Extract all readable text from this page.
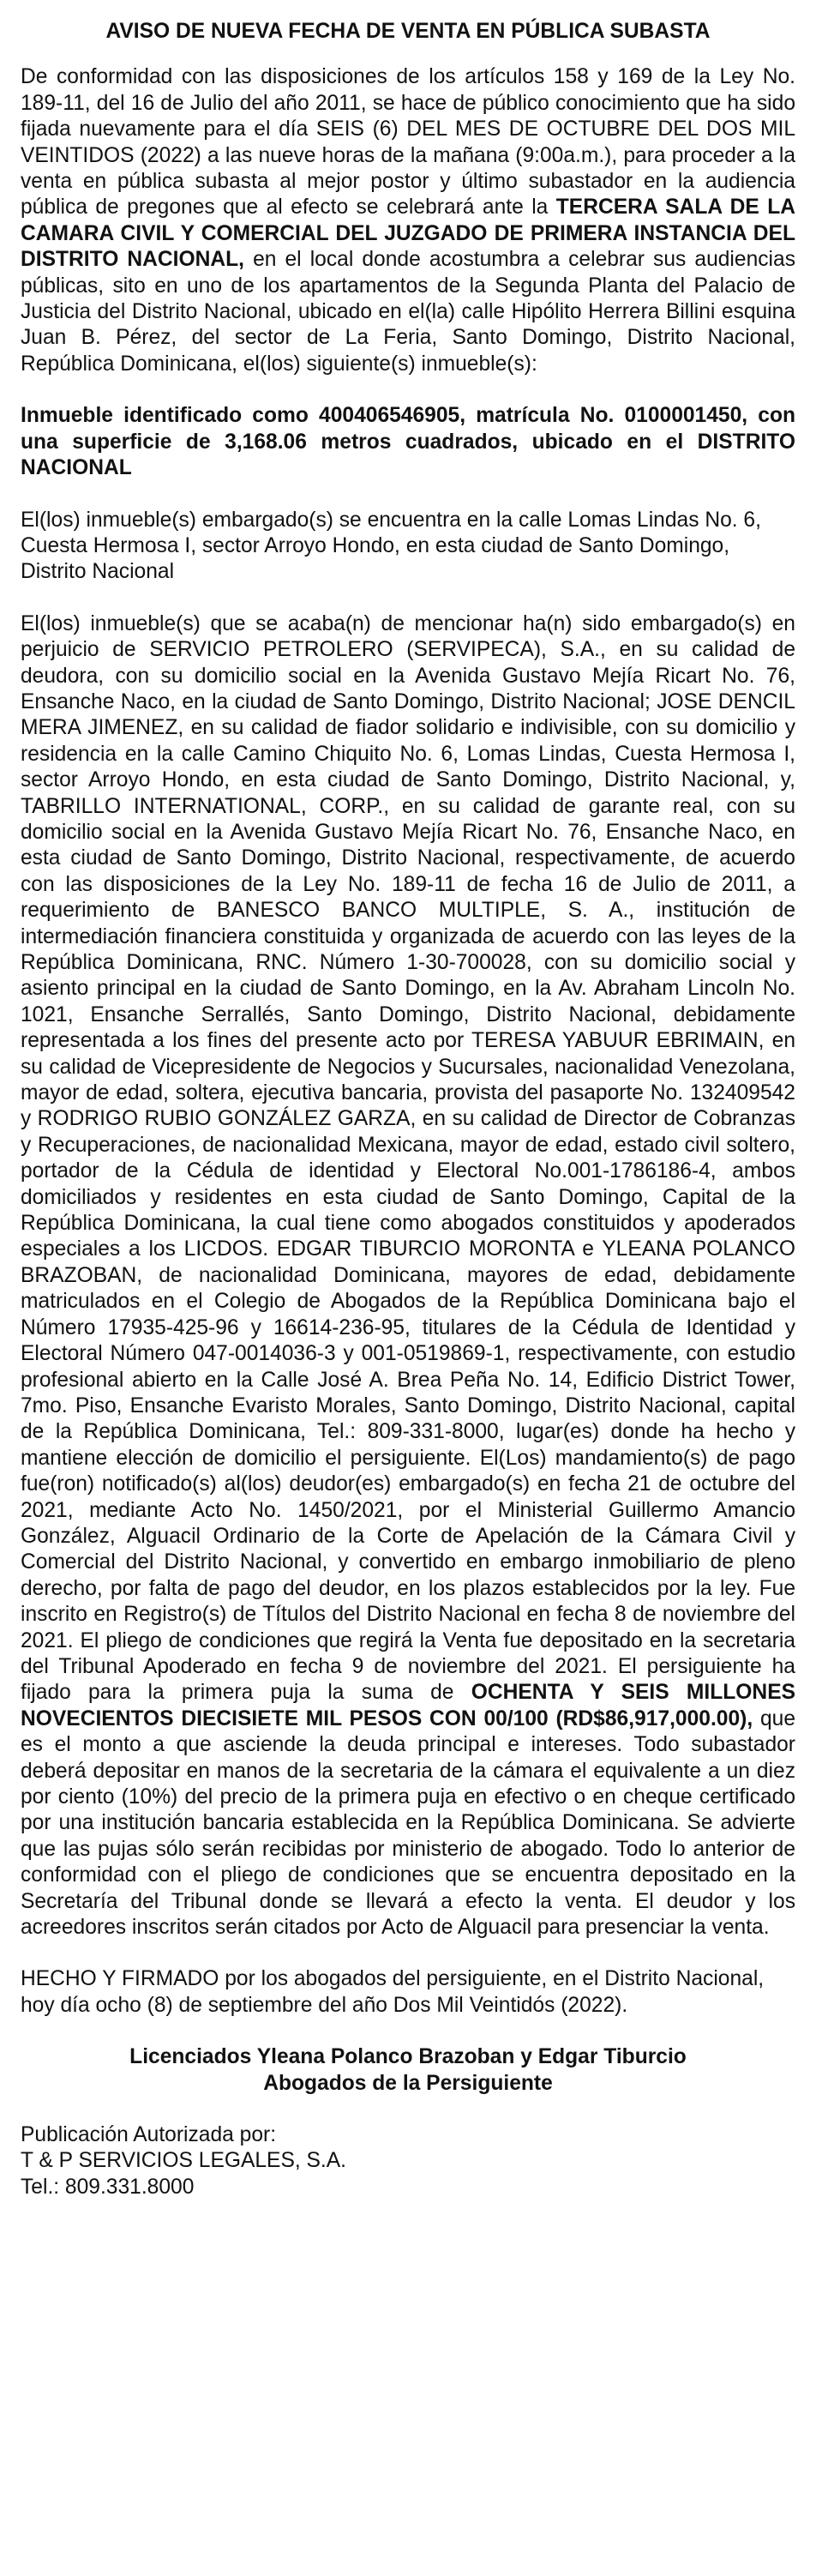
AVISO DE NUEVA FECHA DE VENTA EN PÚBLICA SUBASTA

De conformidad con las disposiciones de los artículos 158 y 169 de la Ley No. 189-11, del 16 de Julio del año 2011, se hace de público conocimiento que ha sido fijada nuevamente para el día SEIS (6) DEL MES DE OCTUBRE DEL DOS MIL VEINTIDOS (2022) a las nueve horas de la mañana (9:00a.m.), para proceder a la venta en pública subasta al mejor postor y último subastador en la audiencia pública de pregones que al efecto se celebrará ante la TERCERA SALA DE LA CAMARA CIVIL Y COMERCIAL DEL JUZGADO DE PRIMERA INSTANCIA DEL DISTRITO NACIONAL, en el local donde acostumbra a celebrar sus audiencias públicas, sito en uno de los apartamentos de la Segunda Planta del Palacio de Justicia del Distrito Nacional, ubicado en el(la) calle Hipólito Herrera Billini esquina Juan B. Pérez, del sector de La Feria, Santo Domingo, Distrito Nacional, República Dominicana, el(los) siguiente(s) inmueble(s):

Inmueble identificado como 400406546905, matrícula No. 0100001450, con una superficie de 3,168.06 metros cuadrados, ubicado en el DISTRITO NACIONAL

El(los) inmueble(s) embargado(s) se encuentra en la calle Lomas Lindas No. 6, Cuesta Hermosa I, sector Arroyo Hondo, en esta ciudad de Santo Domingo, Distrito Nacional

El(los) inmueble(s) que se acaba(n) de mencionar ha(n) sido embargado(s) en perjuicio de SERVICIO PETROLERO (SERVIPECA), S.A., en su calidad de deudora, con su domicilio social en la Avenida Gustavo Mejía Ricart No. 76, Ensanche Naco, en la ciudad de Santo Domingo, Distrito Nacional; JOSE DENCIL MERA JIMENEZ, en su calidad de fiador solidario e indivisible, con su domicilio y residencia en la calle Camino Chiquito No. 6, Lomas Lindas, Cuesta Hermosa I, sector Arroyo Hondo, en esta ciudad de Santo Domingo, Distrito Nacional, y, TABRILLO INTERNATIONAL, CORP., en su calidad de garante real, con su domicilio social en la Avenida Gustavo Mejía Ricart No. 76, Ensanche Naco, en esta ciudad de Santo Domingo, Distrito Nacional, respectivamente, de acuerdo con las disposiciones de la Ley No. 189-11 de fecha 16 de Julio de 2011, a requerimiento de BANESCO BANCO MULTIPLE, S. A., institución de intermediación financiera constituida y organizada de acuerdo con las leyes de la República Dominicana, RNC. Número 1-30-700028, con su domicilio social y asiento principal en la ciudad de Santo Domingo, en la Av. Abraham Lincoln No. 1021, Ensanche Serrallés, Santo Domingo, Distrito Nacional, debidamente representada a los fines del presente acto por TERESA YABUUR EBRIMAIN, en su calidad de Vicepresidente de Negocios y Sucursales, nacionalidad Venezolana, mayor de edad, soltera, ejecutiva bancaria, provista del pasaporte No. 132409542 y RODRIGO RUBIO GONZÁLEZ GARZA, en su calidad de Director de Cobranzas y Recuperaciones, de nacionalidad Mexicana, mayor de edad, estado civil soltero, portador de la Cédula de identidad y Electoral No.001-1786186-4, ambos domiciliados y residentes en esta ciudad de Santo Domingo, Capital de la República Dominicana, la cual tiene como abogados constituidos y apoderados especiales a los LICDOS. EDGAR TIBURCIO MORONTA e YLEANA POLANCO BRAZOBAN, de nacionalidad Dominicana, mayores de edad, debidamente matriculados en el Colegio de Abogados de la República Dominicana bajo el Número 17935-425-96 y 16614-236-95, titulares de la Cédula de Identidad y Electoral Número 047-0014036-3 y 001-0519869-1, respectivamente, con estudio profesional abierto en la Calle José A. Brea Peña No. 14, Edificio District Tower, 7mo. Piso, Ensanche Evaristo Morales, Santo Domingo, Distrito Nacional, capital de la República Dominicana, Tel.: 809-331-8000, lugar(es) donde ha hecho y mantiene elección de domicilio el persiguiente. El(Los) mandamiento(s) de pago fue(ron) notificado(s) al(los) deudor(es) embargado(s) en fecha 21 de octubre del 2021, mediante Acto No. 1450/2021, por el Ministerial Guillermo Amancio González, Alguacil Ordinario de la Corte de Apelación de la Cámara Civil y Comercial del Distrito Nacional, y convertido en embargo inmobiliario de pleno derecho, por falta de pago del deudor, en los plazos establecidos por la ley. Fue inscrito en Registro(s) de Títulos del Distrito Nacional en fecha 8 de noviembre del 2021. El pliego de condiciones que regirá la Venta fue depositado en la secretaria del Tribunal Apoderado en fecha 9 de noviembre del 2021. El persiguiente ha fijado para la primera puja la suma de OCHENTA Y SEIS MILLONES NOVECIENTOS DIECISIETE MIL PESOS CON 00/100 (RD$86,917,000.00), que es el monto a que asciende la deuda principal e intereses. Todo subastador deberá depositar en manos de la secretaria de la cámara el equivalente a un diez por ciento (10%) del precio de la primera puja en efectivo o en cheque certificado por una institución bancaria establecida en la República Dominicana. Se advierte que las pujas sólo serán recibidas por ministerio de abogado. Todo lo anterior de conformidad con el pliego de condiciones que se encuentra depositado en la Secretaría del Tribunal donde se llevará a efecto la venta. El deudor y los acreedores inscritos serán citados por Acto de Alguacil para presenciar la venta.

HECHO Y FIRMADO por los abogados del persiguiente, en el Distrito Nacional, hoy día ocho (8) de septiembre del año Dos Mil Veintidós (2022).

Licenciados Yleana Polanco Brazoban y Edgar Tiburcio

Abogados de la Persiguiente

Publicación Autorizada por:

T & P SERVICIOS LEGALES, S.A.

Tel.: 809.331.8000
